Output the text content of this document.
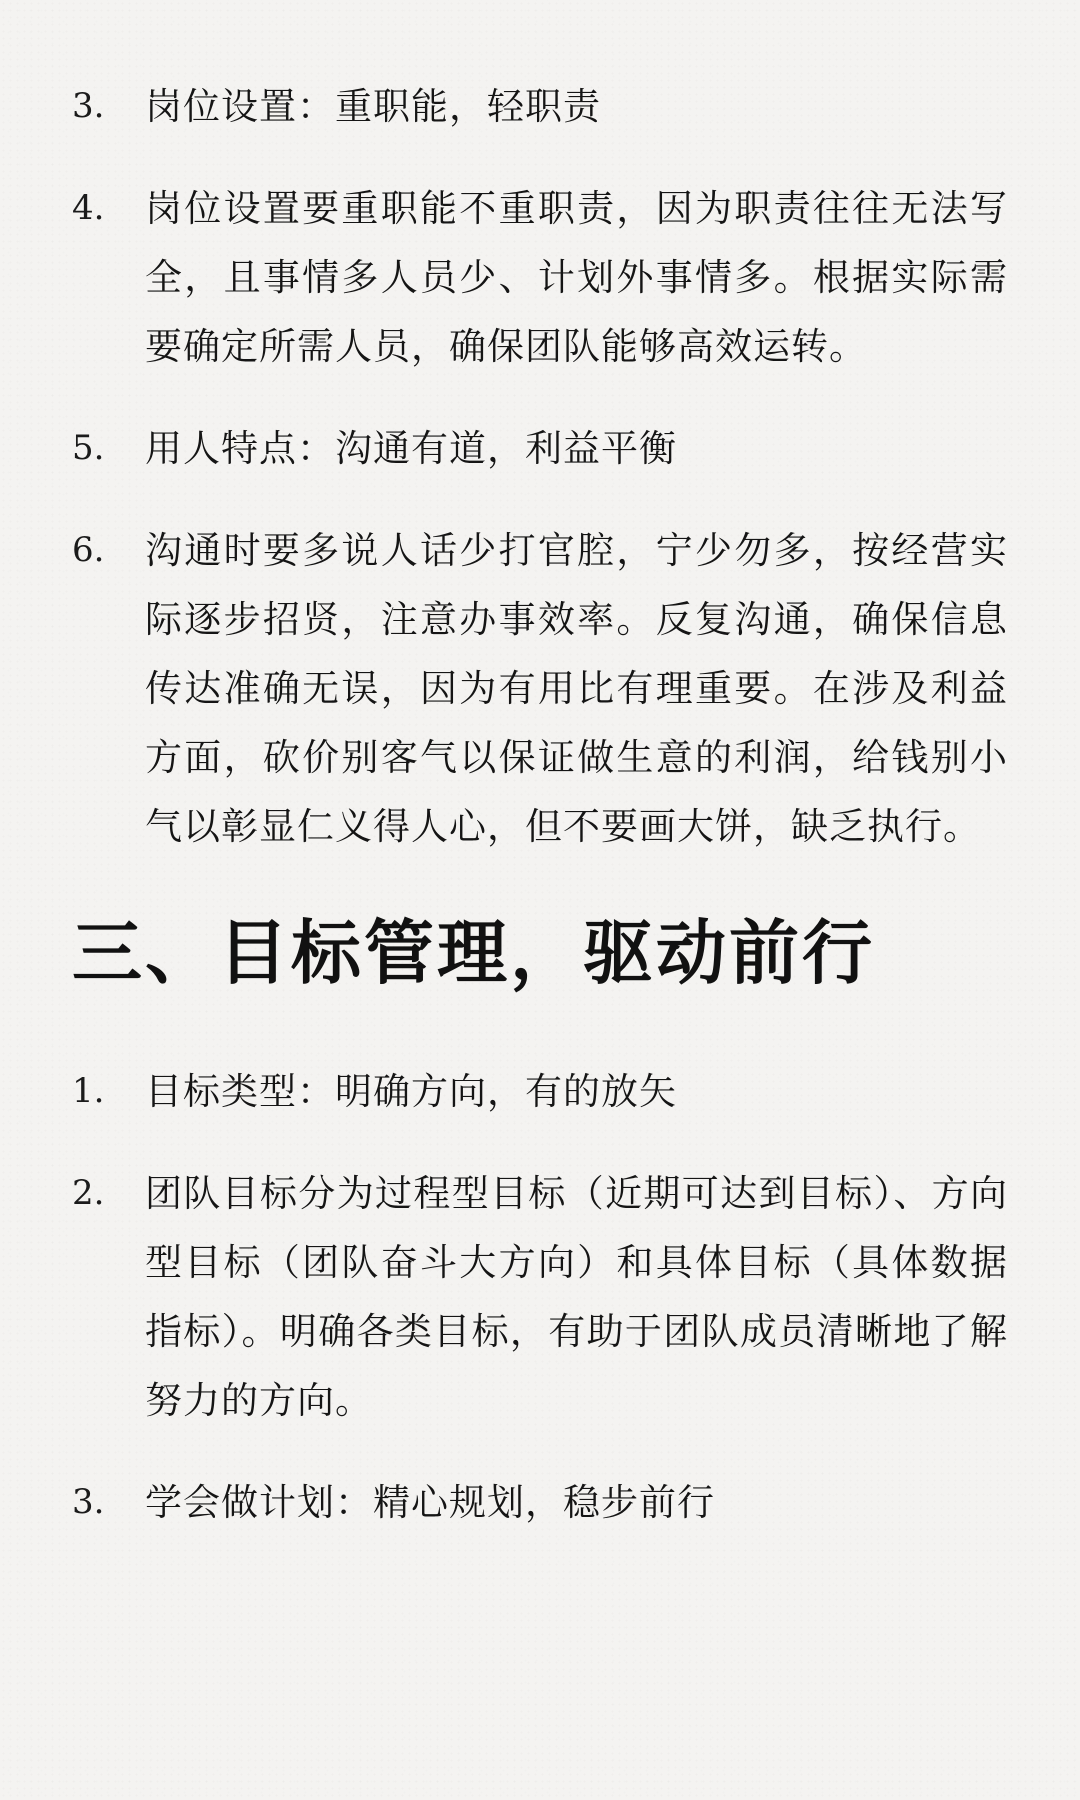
3.	岗位设置：重职能，轻职责
4.	岗位设置要重职能不重职责，因为职责往往无法写全，且事情多人员少、计划外事情多。根据实际需要确定所需人员，确保团队能够高效运转。
5.	用人特点：沟通有道，利益平衡
6.	沟通时要多说人话少打官腔，宁少勿多，按经营实际逐步招贤，注意办事效率。反复沟通，确保信息传达准确无误，因为有用比有理重要。在涉及利益方面，砍价别客气以保证做生意的利润，给钱别小气以彰显仁义得人心，但不要画大饼，缺乏执行。
三、目标管理，驱动前行
1.	目标类型：明确方向，有的放矢
2.	团队目标分为过程型目标（近期可达到目标）、方向型目标（团队奋斗大方向）和具体目标（具体数据指标）。明确各类目标，有助于团队成员清晰地了解努力的方向。
3.	学会做计划：精心规划，稳步前行
